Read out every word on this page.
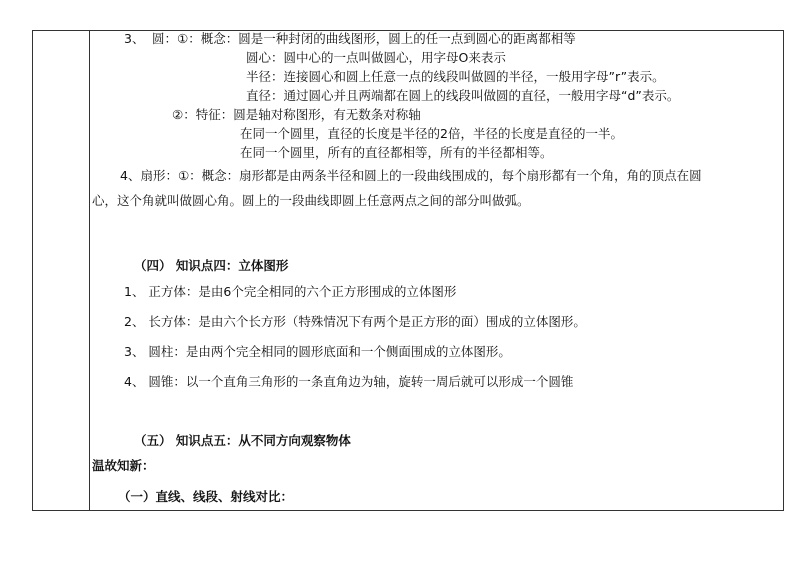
3、 圆：①：概念：圆是一种封闭的曲线图形，圆上的任一点到圆心的距离都相等
圆心：圆中心的一点叫做圆心，用字母O来表示
半径：连接圆心和圆上任意一点的线段叫做圆的半径，一般用字母”r”表示。
直径：通过圆心并且两端都在圆上的线段叫做圆的直径，一般用字母“d”表示。
②：特征：圆是轴对称图形，有无数条对称轴
在同一个圆里，直径的长度是半径的2倍，半径的长度是直径的一半。
在同一个圆里，所有的直径都相等，所有的半径都相等。
4、扇形：①：概念：扇形都是由两条半径和圆上的一段曲线围成的，每个扇形都有一个角，角的顶点在圆
心，这个角就叫做圆心角。圆上的一段曲线即圆上任意两点之间的部分叫做弧。
（四） 知识点四：立体图形
1、 正方体：是由6个完全相同的六个正方形围成的立体图形
2、 长方体：是由六个长方形（特殊情况下有两个是正方形的面）围成的立体图形。
3、 圆柱：是由两个完全相同的圆形底面和一个侧面围成的立体图形。
4、 圆锥：以一个直角三角形的一条直角边为轴，旋转一周后就可以形成一个圆锥
（五） 知识点五：从不同方向观察物体
温故知新：
（一）直线、线段、射线对比：
